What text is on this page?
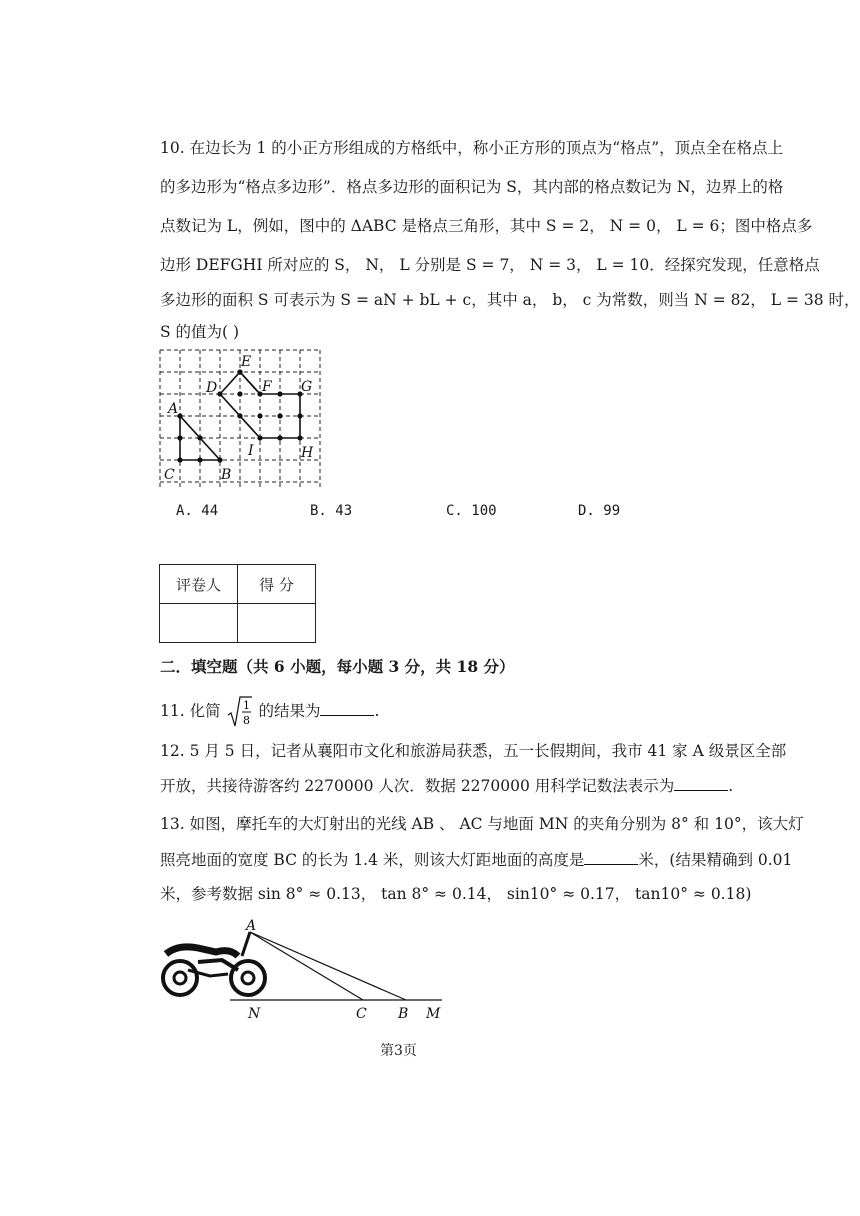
10. 在边长为 1 的小正方形组成的方格纸中，称小正方形的顶点为“格点”，顶点全在格点上
的多边形为“格点多边形”．格点多边形的面积记为 S，其内部的格点数记为 N，边界上的格
点数记为 L，例如，图中的 ΔABC 是格点三角形，其中 S = 2， N = 0， L = 6；图中格点多
边形 DEFGHI 所对应的 S， N， L 分别是 S = 7， N = 3， L = 10．经探究发现，任意格点
多边形的面积 S 可表示为 S = aN + bL + c，其中 a， b， c 为常数，则当 N = 82， L = 38 时，
S 的值为( )
A
C	B
D
E
F G
H
I
A. 44	B. 43	C. 100	D. 99
评卷人	得 分

二．填空题（共 6 小题，每小题 3 分，共 18 分）
11. 化简 1
8
的结果为	.
12. 5 月 5 日，记者从襄阳市文化和旅游局获悉，五一长假期间，我市 41 家 A 级景区全部
开放，共接待游客约 2270000 人次．数据 2270000 用科学记数法表示为	.
13. 如图，摩托车的大灯射出的光线 AB 、 AC 与地面 MN 的夹角分别为 8° 和 10°，该大灯
照亮地面的宽度 BC 的长为 1.4 米，则该大灯距地面的高度是	米，(结果精确到 0.01
米，参考数据 sin 8° ≈ 0.13， tan 8° ≈ 0.14， sin10° ≈ 0.17， tan10° ≈ 0.18)
A
N	C B M
第3页
